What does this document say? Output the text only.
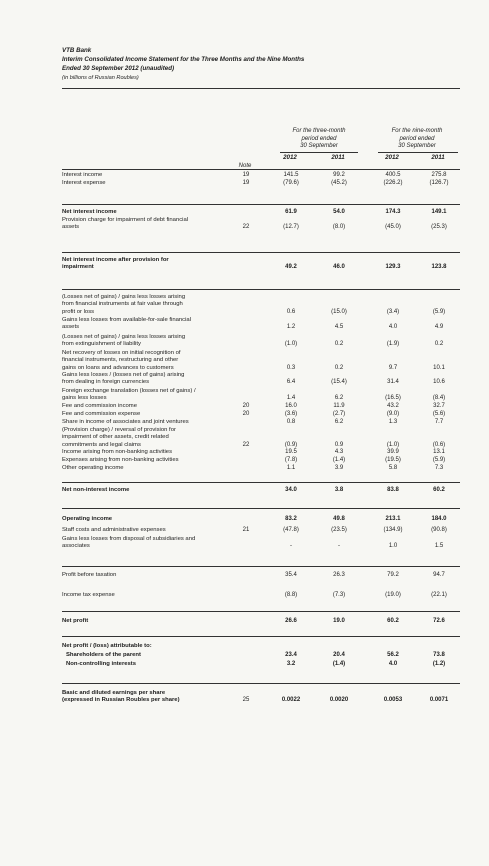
VTB Bank
Interim Consolidated Income Statement for the Three Months and the Nine Months
Ended 30 September 2012 (unaudited)
(in billions of Russian Roubles)
For the three-month
period ended
30 September
For the nine-month
period ended
30 September
Note
2012	2011	2012	2011
Interest income	19	141.5	99.2	400.5	275.8
Interest expense	19	(79.6)	(45.2)	(226.2)	(126.7)
Net interest income	61.9	54.0	174.3	149.1
Provision charge for impairment of debt financial
assets	22	(12.7)	(8.0)	(45.0)	(25.3)
Net interest income after provision for
impairment	49.2	46.0	129.3	123.8
(Losses net of gains) / gains less losses arising
from financial instruments at fair value through
profit or loss	0.6	(15.0)	(3.4)	(5.9)
Gains less losses from available-for-sale financial
assets	1.2	4.5	4.0	4.9
(Losses net of gains) / gains less losses arising
from extinguishment of liability	(1.0)	0.2	(1.9)	0.2
Net recovery of losses on initial recognition of
financial instruments, restructuring and other
gains on loans and advances to customers	0.3	0.2	9.7	10.1
Gains less losses / (losses net of gains) arising
from dealing in foreign currencies	6.4	(15.4)	31.4	10.6
Foreign exchange translation (losses net of gains) /
gains less losses	1.4	6.2	(16.5)	(8.4)
Fee and commission income	20	16.0	11.9	43.2	32.7
Fee and commission expense	20	(3.6)	(2.7)	(9.0)	(5.6)
Share in income of associates and joint ventures	0.8	6.2	1.3	7.7
(Provision charge) / reversal of provision for
impairment of other assets, credit related
commitments and legal claims	22	(0.9)	0.9	(1.0)	(0.6)
Income arising from non-banking activities	19.5	4.3	39.9	13.1
Expenses arising from non-banking activities	(7.8)	(1.4)	(19.5)	(5.9)
Other operating income	1.1	3.9	5.8	7.3
Net non-interest income	34.0	3.8	83.8	60.2
Operating income	83.2	49.8	213.1	184.0
Staff costs and administrative expenses	21	(47.8)	(23.5)	(134.9)	(90.8)
Gains less losses from disposal of subsidiaries and
associates	-	-	1.0	1.5
Profit before taxation	35.4	26.3	79.2	94.7
Income tax expense	(8.8)	(7.3)	(19.0)	(22.1)
Net profit	26.6	19.0	60.2	72.6
Net profit / (loss) attributable to:
Shareholders of the parent	23.4	20.4	56.2	73.8
Non-controlling interests	3.2	(1.4)	4.0	(1.2)
Basic and diluted earnings per share
(expressed in Russian Roubles per share)	25	0.0022	0.0020	0.0053	0.0071
